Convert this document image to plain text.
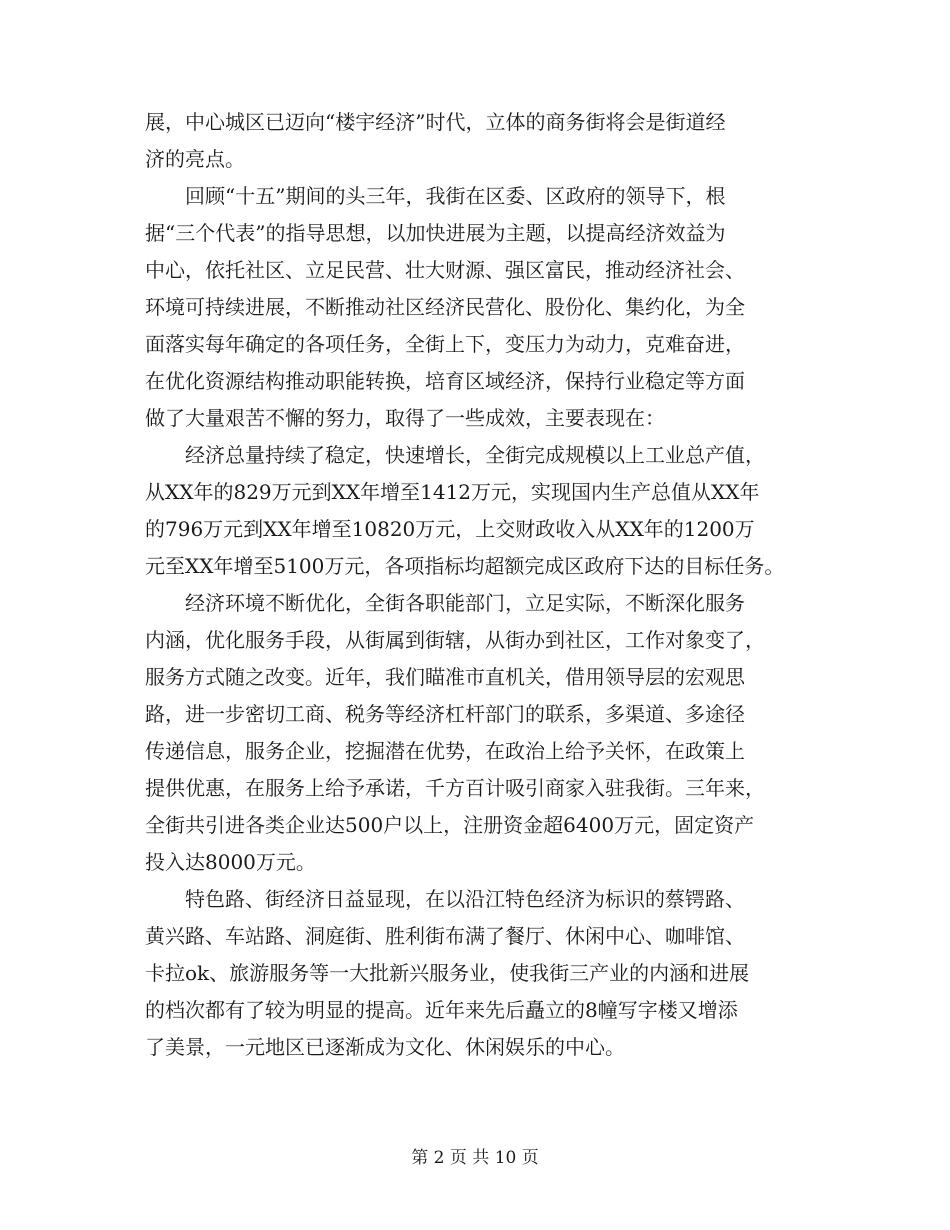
展，中心城区已迈向“楼宇经济”时代，立体的商务街将会是街道经
济的亮点。
　　回顾“十五”期间的头三年，我街在区委、区政府的领导下，根
据“三个代表”的指导思想，以加快进展为主题，以提高经济效益为
中心，依托社区、立足民营、壮大财源、强区富民，推动经济社会、
环境可持续进展，不断推动社区经济民营化、股份化、集约化，为全
面落实每年确定的各项任务，全街上下，变压力为动力，克难奋进，
在优化资源结构推动职能转换，培育区域经济，保持行业稳定等方面
做了大量艰苦不懈的努力，取得了一些成效，主要表现在：
　　经济总量持续了稳定，快速增长，全街完成规模以上工业总产值，
从XX年的829万元到XX年增至1412万元，实现国内生产总值从XX年
的796万元到XX年增至10820万元，上交财政收入从XX年的1200万
元至XX年增至5100万元，各项指标均超额完成区政府下达的目标任务。
　　经济环境不断优化，全街各职能部门，立足实际，不断深化服务
内涵，优化服务手段，从街属到街辖，从街办到社区，工作对象变了，
服务方式随之改变。近年，我们瞄准市直机关，借用领导层的宏观思
路，进一步密切工商、税务等经济杠杆部门的联系，多渠道、多途径
传递信息，服务企业，挖掘潜在优势，在政治上给予关怀，在政策上
提供优惠，在服务上给予承诺，千方百计吸引商家入驻我街。三年来，
全街共引进各类企业达500户以上，注册资金超6400万元，固定资产
投入达8000万元。
　　特色路、街经济日益显现，在以沿江特色经济为标识的蔡锷路、
黄兴路、车站路、洞庭街、胜利街布满了餐厅、休闲中心、咖啡馆、
卡拉ok、旅游服务等一大批新兴服务业，使我街三产业的内涵和进展
的档次都有了较为明显的提高。近年来先后矗立的8幢写字楼又增添
了美景，一元地区已逐渐成为文化、休闲娱乐的中心。
第 2 页 共 10 页
